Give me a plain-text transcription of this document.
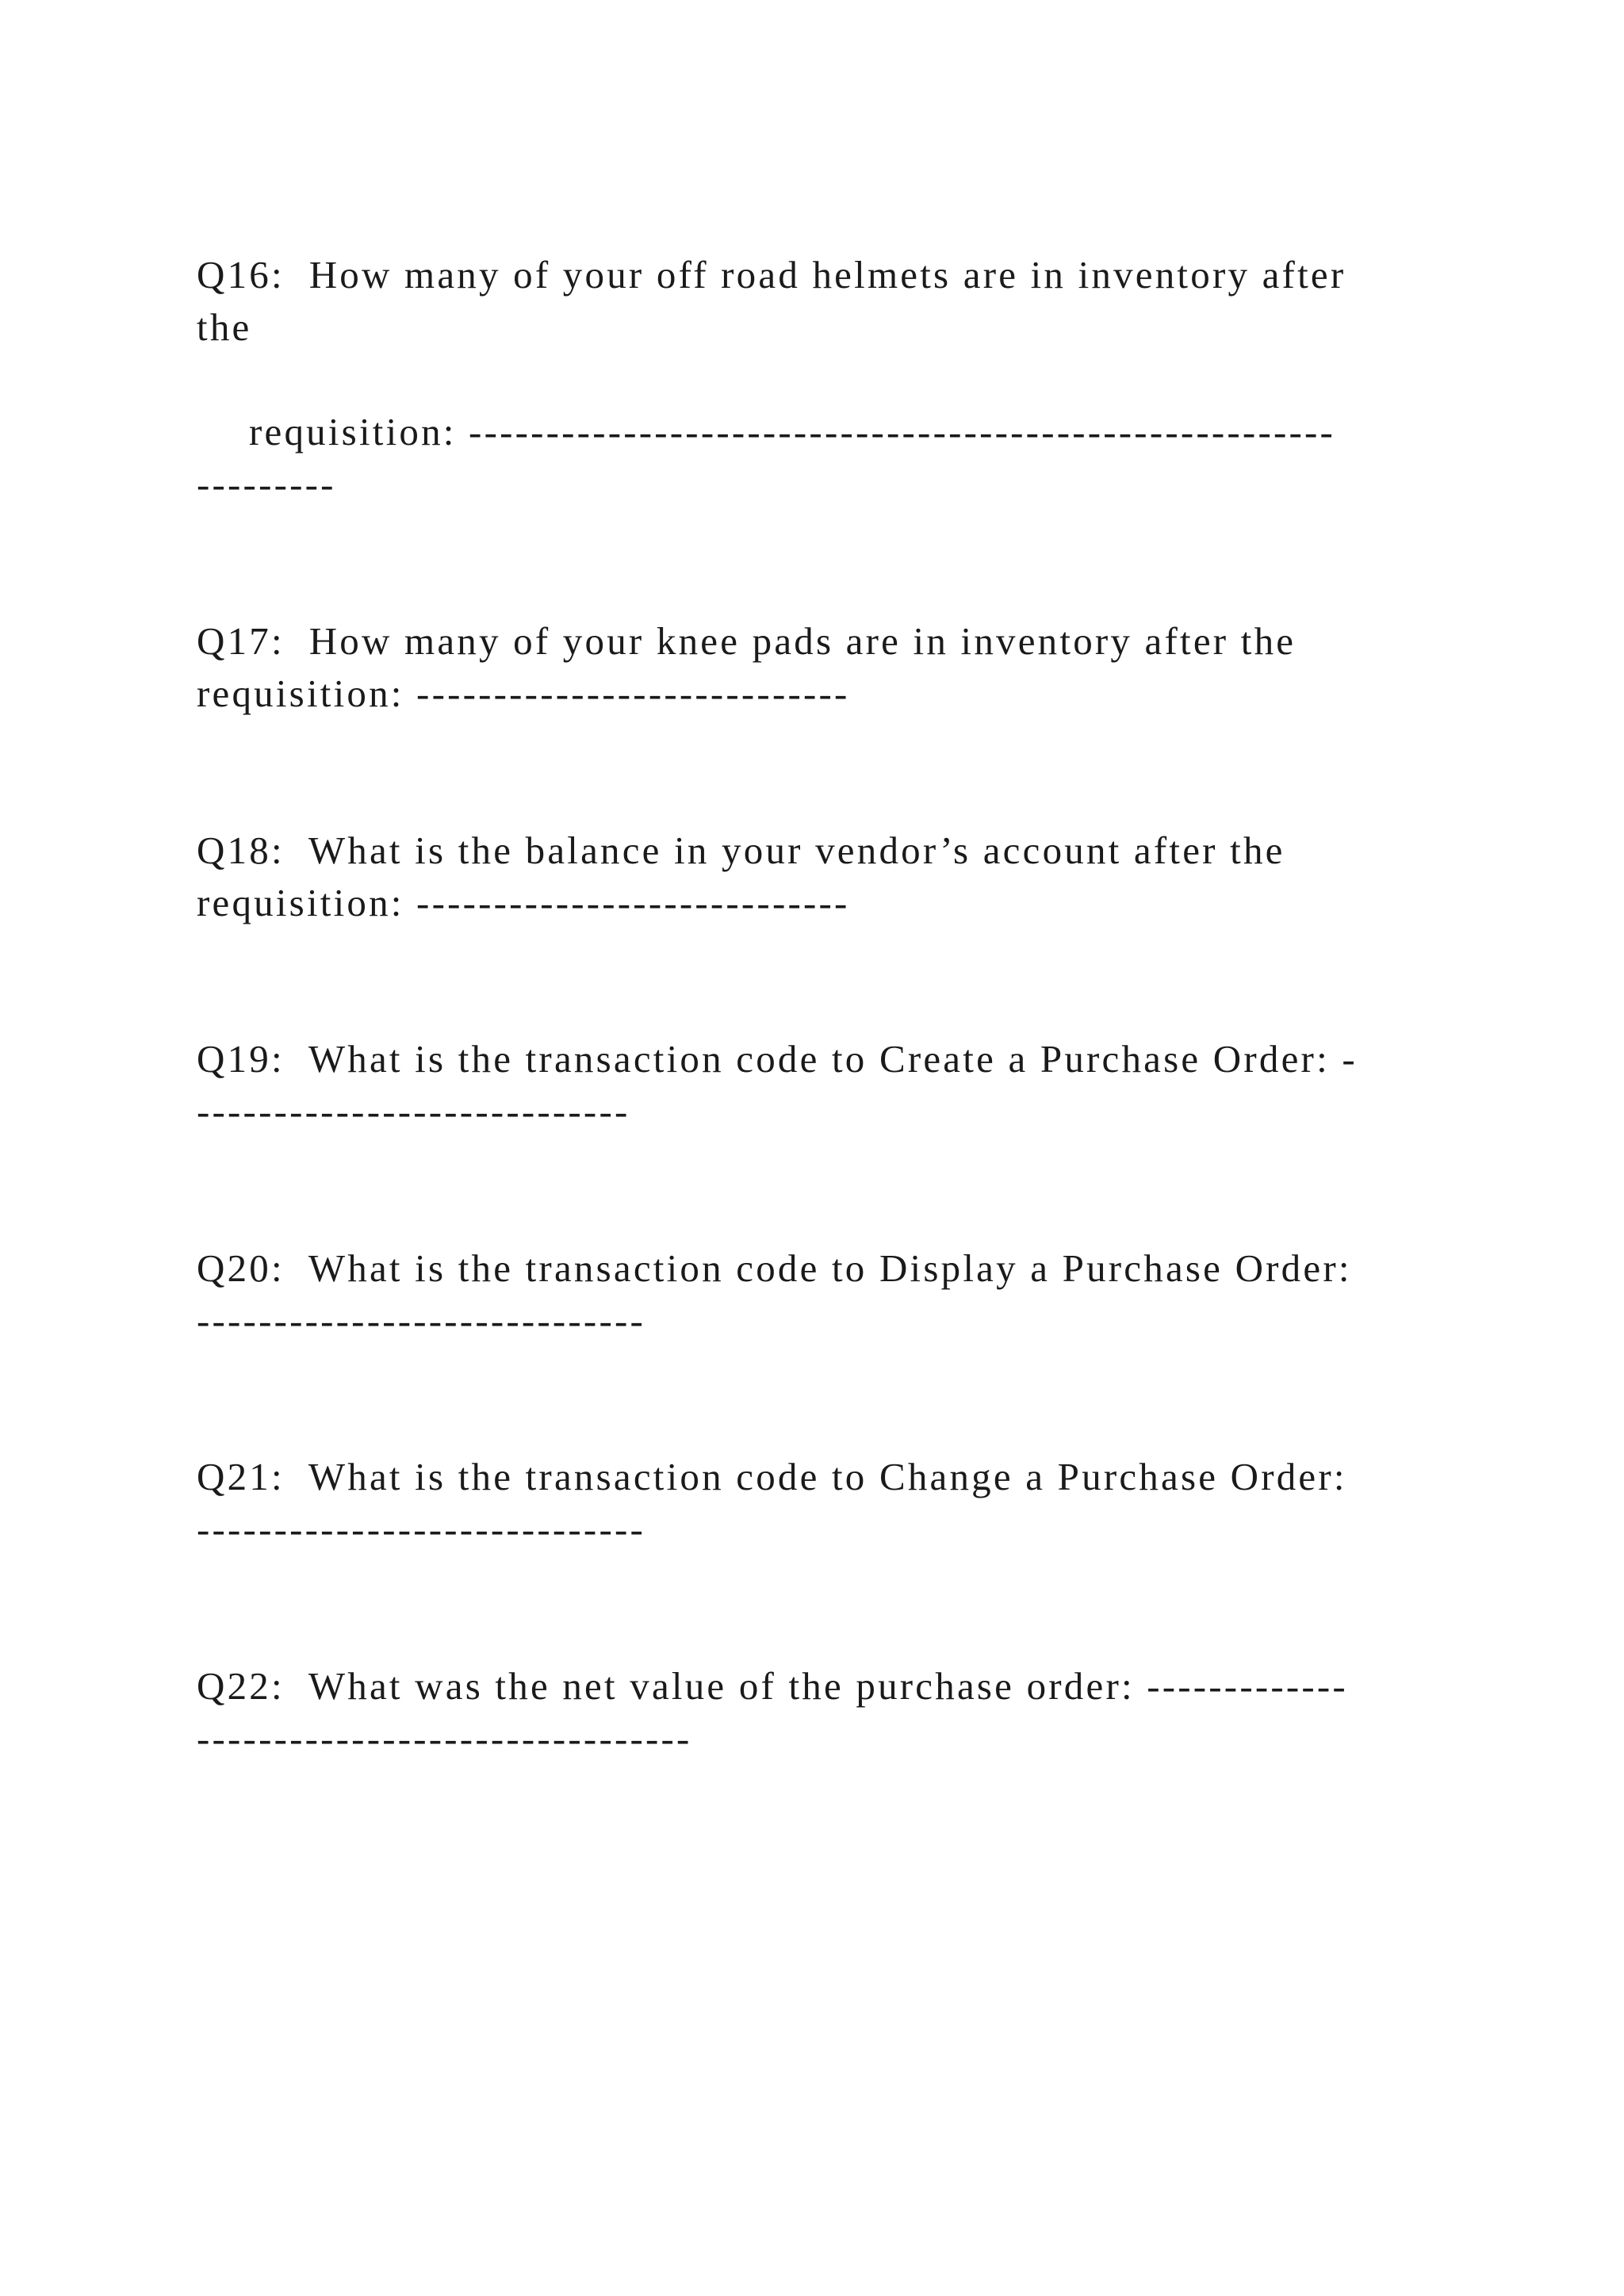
Q16:  How many of your off road helmets are in inventory after

the

requisition: --------------------------------------------------------

---------

Q17:  How many of your knee pads are in inventory after the

requisition: ----------------------------

Q18:  What is the balance in your vendor’s account after the

requisition: ----------------------------

Q19:  What is the transaction code to Create a Purchase Order: -

----------------------------

Q20:  What is the transaction code to Display a Purchase Order:

-----------------------------

Q21:  What is the transaction code to Change a Purchase Order:

-----------------------------

Q22:  What was the net value of the purchase order: -------------

--------------------------------
